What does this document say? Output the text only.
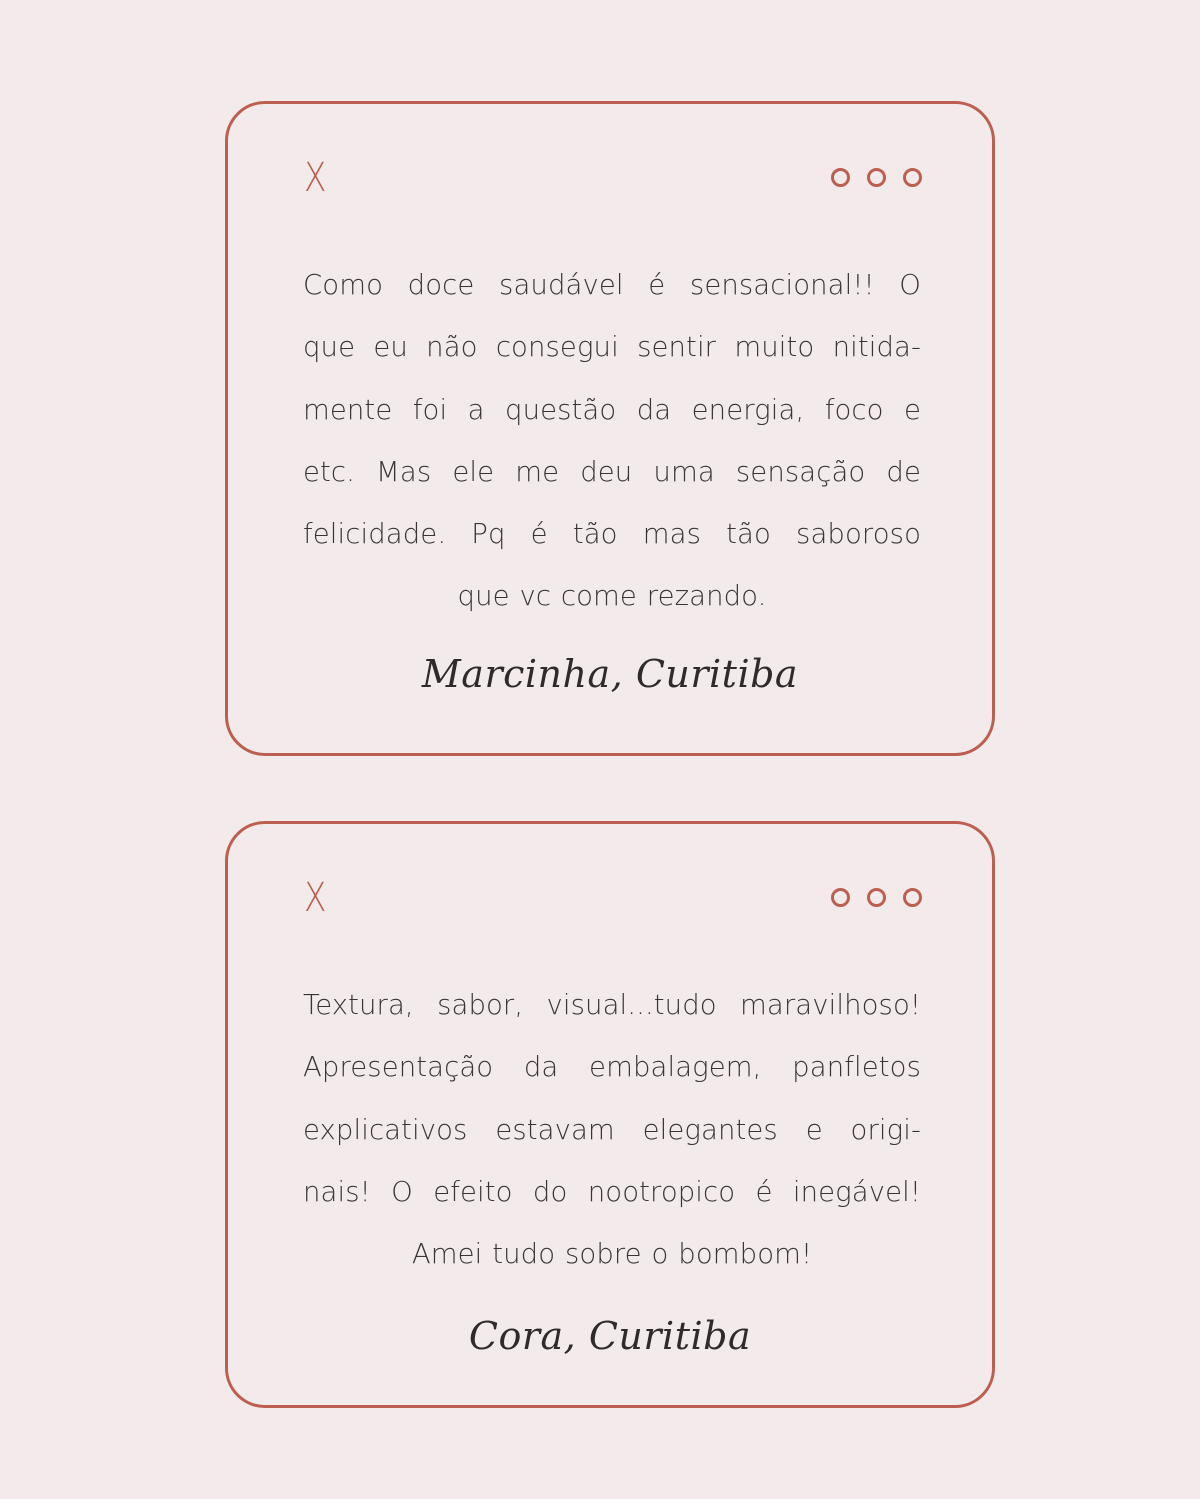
X
Como doce saudável é sensacional!! O
que eu não consegui sentir muito nitida-
mente foi a questão da energia, foco e
etc. Mas ele me deu uma sensação de
felicidade. Pq é tão mas tão saboroso
que vc come rezando.
Marcinha, Curitiba
X
Textura, sabor, visual...tudo maravilhoso!
Apresentação da embalagem, panfletos
explicativos estavam elegantes e origi-
nais! O efeito do nootropico é inegável!
Amei tudo sobre o bombom!
Cora, Curitiba
